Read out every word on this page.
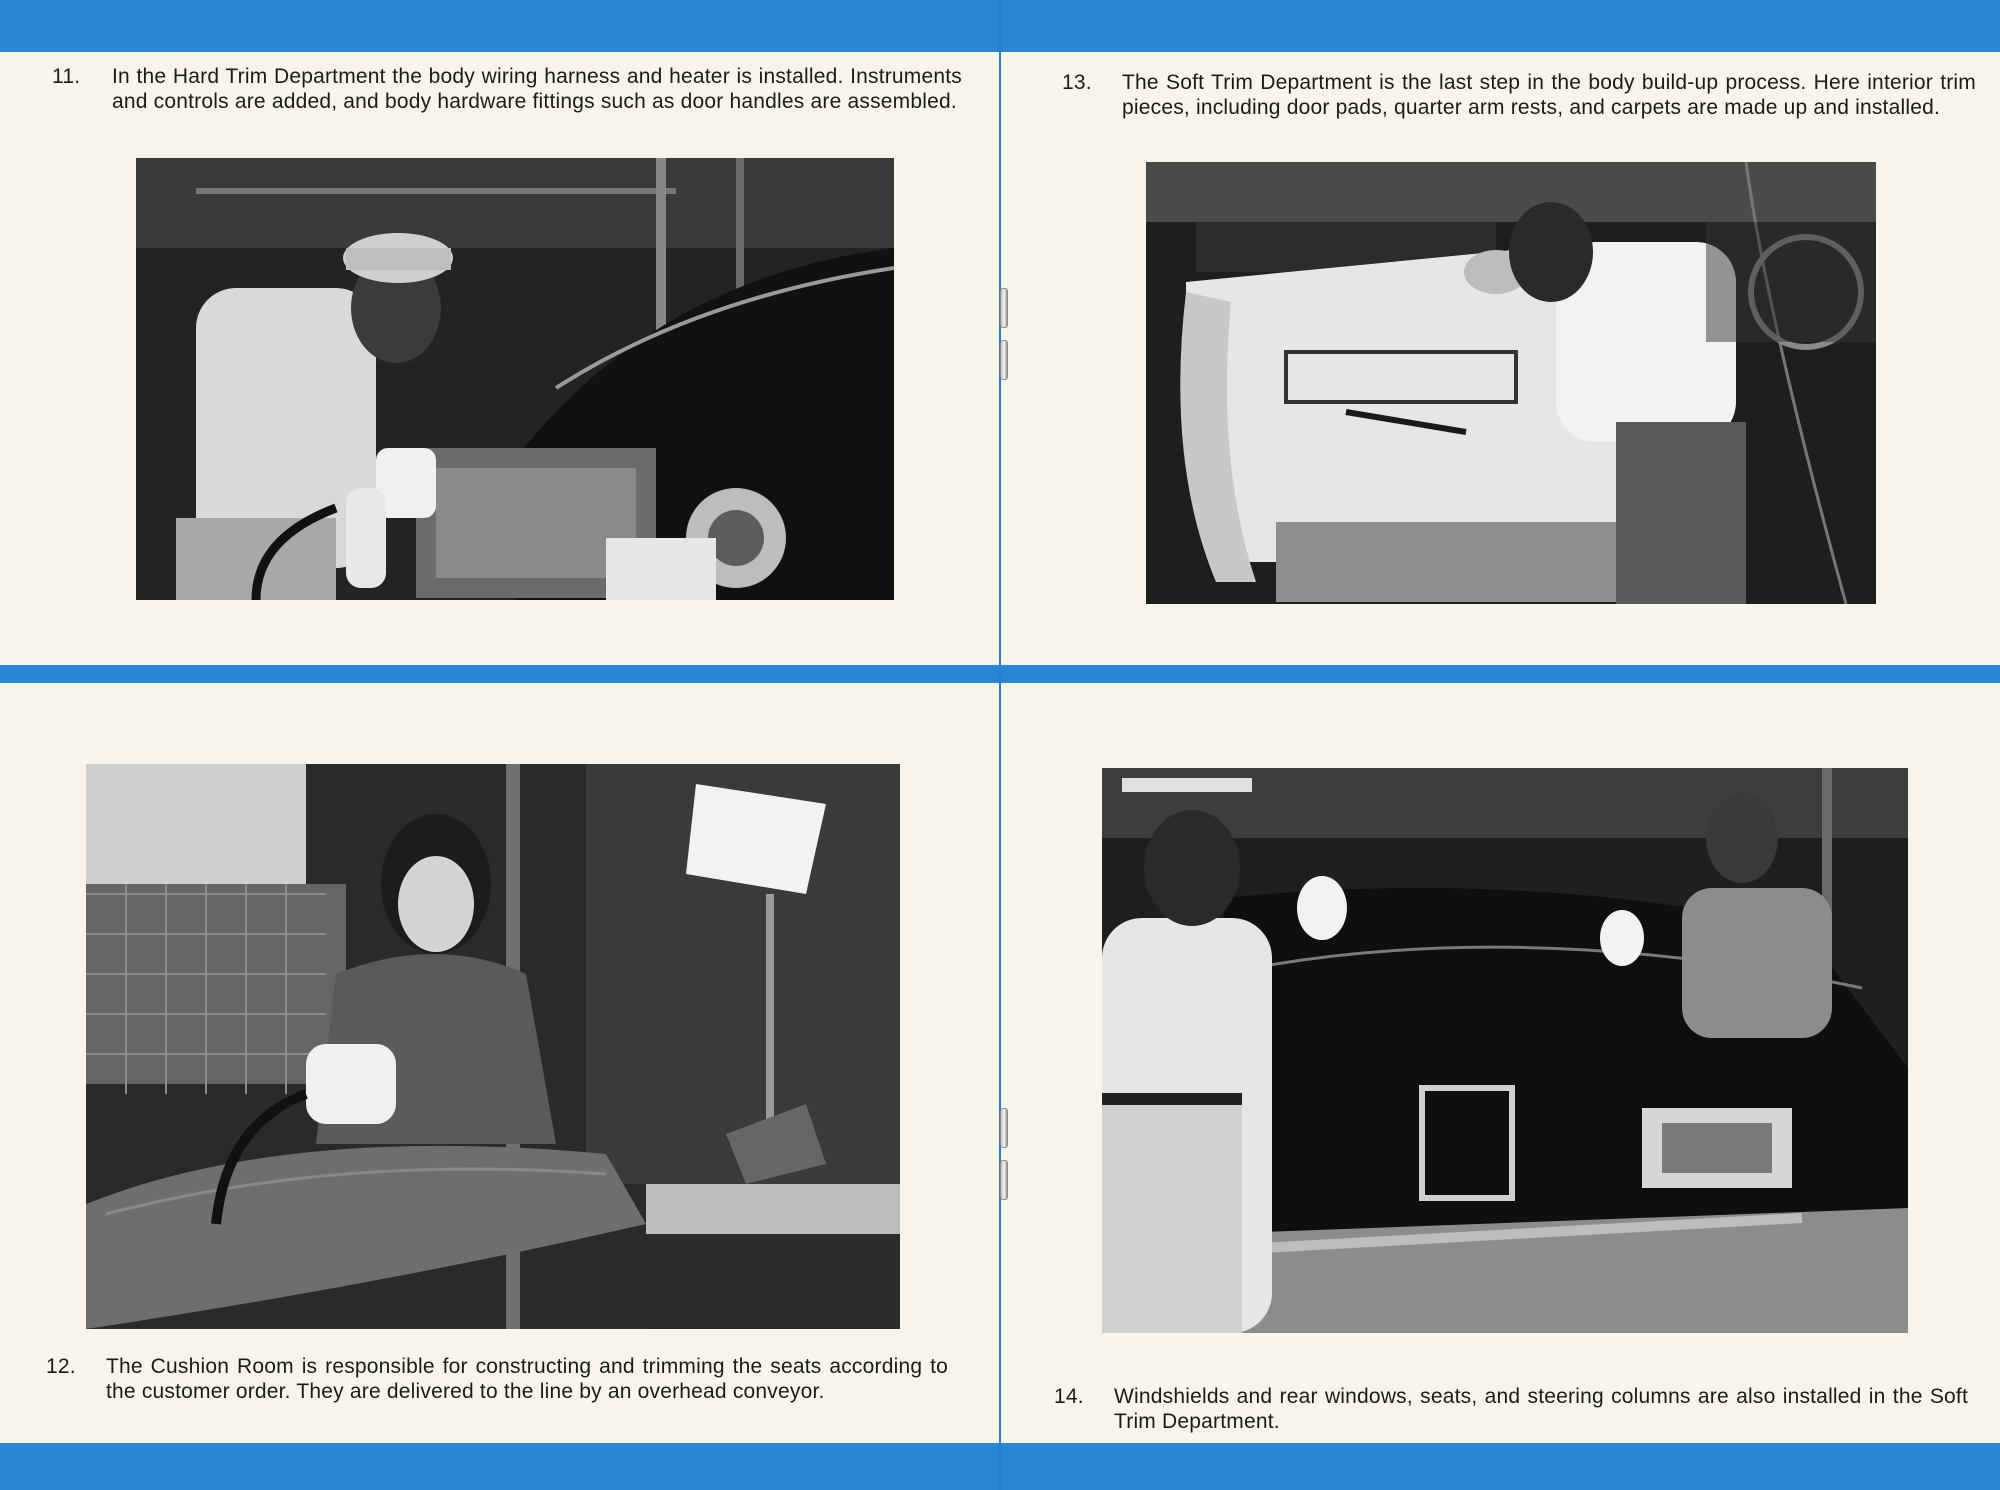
11. In the Hard Trim Department the body wiring harness and heater is installed. Instruments and controls are added, and body hardware fittings such as door handles are assembled.
13. The Soft Trim Department is the last step in the body build-up process. Here interior trim pieces, including door pads, quarter arm rests, and carpets are made up and installed.
12. The Cushion Room is responsible for constructing and trimming the seats according to the customer order. They are delivered to the line by an overhead conveyor.	14. Windshields and rear windows, seats, and steering columns are also installed in the Soft Trim Department.
